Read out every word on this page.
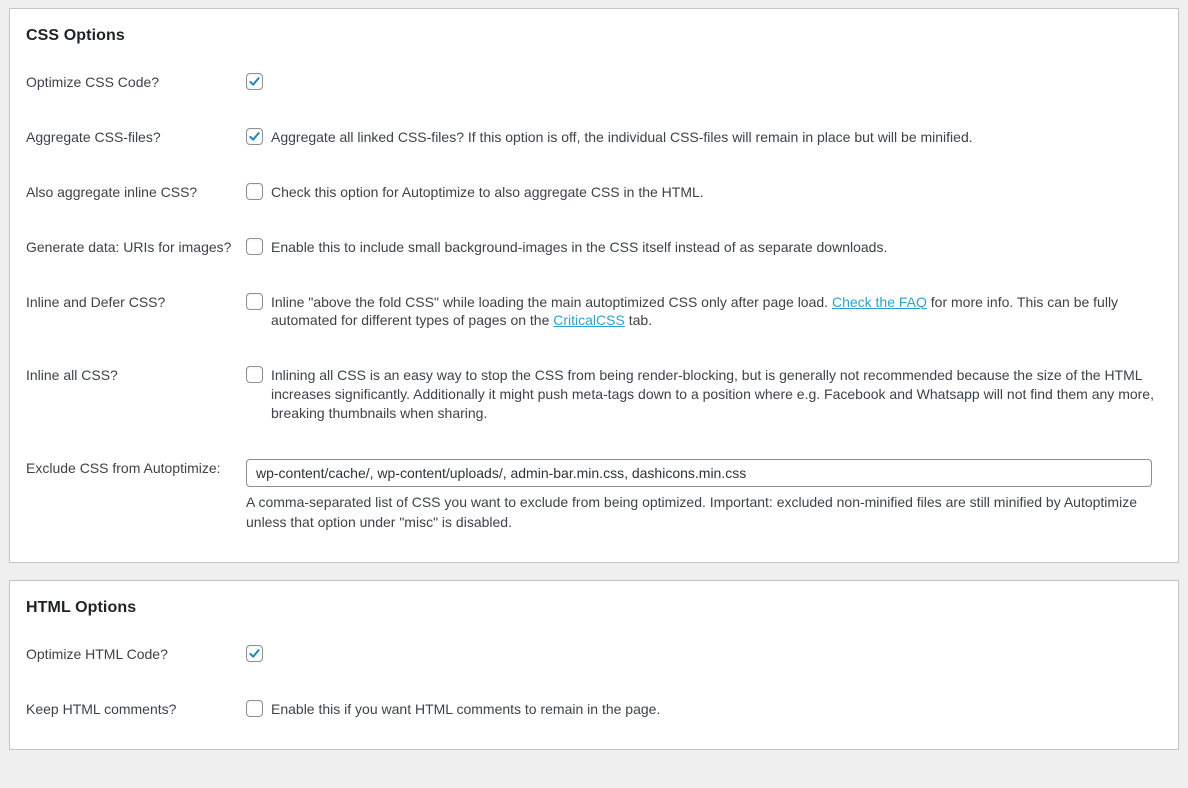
CSS Options
Optimize CSS Code?
Aggregate CSS-files?	Aggregate all linked CSS-files? If this option is off, the individual CSS-files will remain in place but will be minified.
Also aggregate inline CSS?	Check this option for Autoptimize to also aggregate CSS in the HTML.
Generate data: URIs for images?	Enable this to include small background-images in the CSS itself instead of as separate downloads.
Inline and Defer CSS?	Inline "above the fold CSS" while loading the main autoptimized CSS only after page load. Check the FAQ for more info. This can be fully automated for different types of pages on the CriticalCSS tab.
Inline all CSS?	Inlining all CSS is an easy way to stop the CSS from being render-blocking, but is generally not recommended because the size of the HTML increases significantly. Additionally it might push meta-tags down to a position where e.g. Facebook and Whatsapp will not find them any more, breaking thumbnails when sharing.
Exclude CSS from Autoptimize:
wp-content/cache/, wp-content/uploads/, admin-bar.min.css, dashicons.min.css

A comma-separated list of CSS you want to exclude from being optimized. Important: excluded non-minified files are still minified by Autoptimize unless that option under "misc" is disabled.

HTML Options
Optimize HTML Code?
Keep HTML comments?	Enable this if you want HTML comments to remain in the page.
